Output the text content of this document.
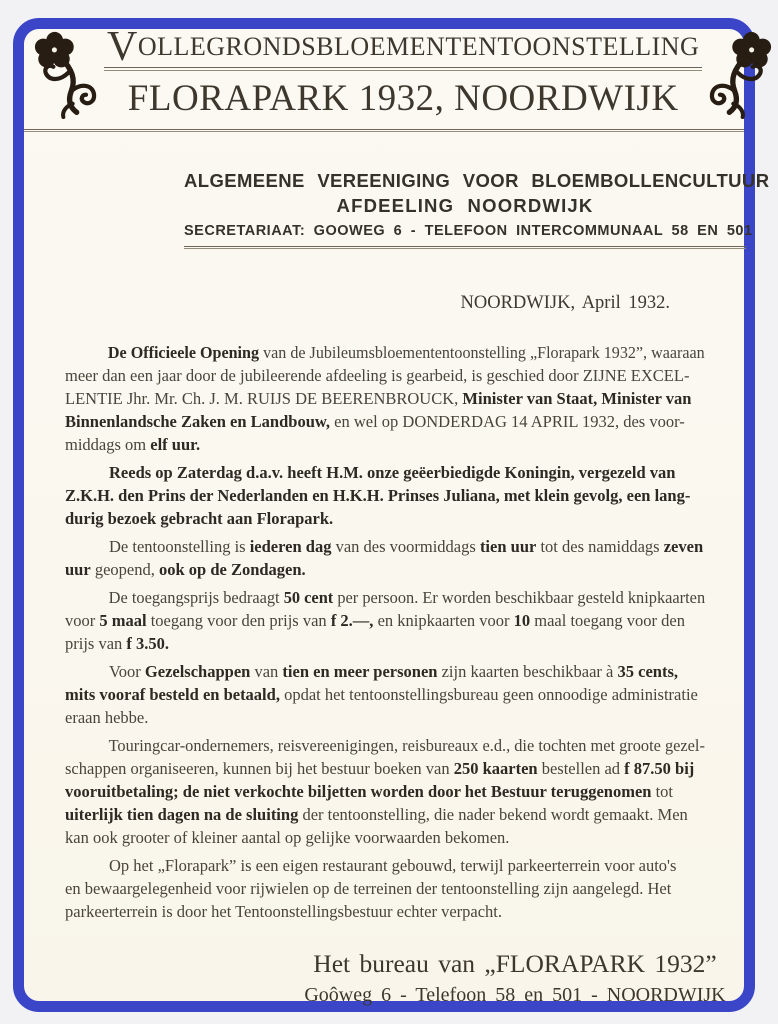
VOLLEGRONDSBLOEMENTENTOONSTELLING
FLORAPARK 1932, NOORDWIJK
ALGEMEENE VEREENIGING VOOR BLOEMBOLLENCULTUUR
AFDEELING NOORDWIJK
SECRETARIAAT: GOOWEG 6 - TELEFOON INTERCOMMUNAAL 58 EN 501
NOORDWIJK, April 1932.
De Officieele Opening van de Jubileumsbloemententoonstelling „Florapark 1932”, waaraan
meer dan een jaar door de jubileerende afdeeling is gearbeid, is geschied door ZIJNE EXCEL-
LENTIE Jhr. Mr. Ch. J. M. RUIJS DE BEERENBROUCK, Minister van Staat, Minister van
Binnenlandsche Zaken en Landbouw, en wel op DONDERDAG 14 APRIL 1932, des voor-
middags om elf uur.
Reeds op Zaterdag d.a.v. heeft H.M. onze geëerbiedigde Koningin, vergezeld van
Z.K.H. den Prins der Nederlanden en H.K.H. Prinses Juliana, met klein gevolg, een lang-
durig bezoek gebracht aan Florapark.
De tentoonstelling is iederen dag van des voormiddags tien uur tot des namiddags zeven
uur geopend, ook op de Zondagen.
De toegangsprijs bedraagt 50 cent per persoon. Er worden beschikbaar gesteld knipkaarten
voor 5 maal toegang voor den prijs van f 2.—, en knipkaarten voor 10 maal toegang voor den
prijs van f 3.50.
Voor Gezelschappen van tien en meer personen zijn kaarten beschikbaar à 35 cents,
mits vooraf besteld en betaald, opdat het tentoonstellingsbureau geen onnoodige administratie
eraan hebbe.
Touringcar-ondernemers, reisvereenigingen, reisbureaux e.d., die tochten met groote gezel-
schappen organiseeren, kunnen bij het bestuur boeken van 250 kaarten bestellen ad f 87.50 bij
vooruitbetaling; de niet verkochte biljetten worden door het Bestuur teruggenomen tot
uiterlijk tien dagen na de sluiting der tentoonstelling, die nader bekend wordt gemaakt. Men
kan ook grooter of kleiner aantal op gelijke voorwaarden bekomen.
Op het „Florapark” is een eigen restaurant gebouwd, terwijl parkeerterrein voor auto's
en bewaargelegenheid voor rijwielen op de terreinen der tentoonstelling zijn aangelegd. Het
parkeerterrein is door het Tentoonstellingsbestuur echter verpacht.
Het bureau van „FLORAPARK 1932”
Goôweg 6 - Telefoon 58 en 501 - NOORDWIJK
